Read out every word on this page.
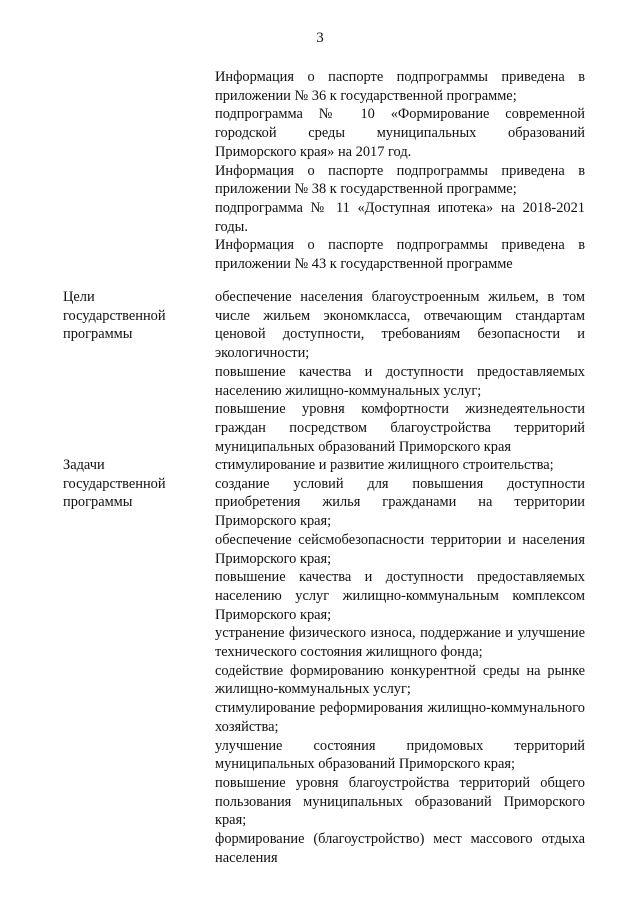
3

Информация о паспорте подпрограммы приведена в приложении № 36 к государственной программе;

подпрограмма № 10 «Формирование современной городской среды муниципальных образований Приморского края» на 2017 год.

Информация о паспорте подпрограммы приведена в приложении № 38 к государственной программе;

подпрограмма № 11 «Доступная ипотека» на 2018-2021 годы.

Информация о паспорте подпрограммы приведена в приложении № 43 к государственной программе

Цели государственной программы

обеспечение населения благоустроенным жильем, в том числе жильем экономкласса, отвечающим стандартам ценовой доступности, требованиям безопасности и экологичности;

повышение качества и доступности предоставляемых населению жилищно-коммунальных услуг;

повышение уровня комфортности жизнедеятельности граждан посредством благоустройства территорий муниципальных образований Приморского края

Задачи государственной программы

стимулирование и развитие жилищного строительства;

создание условий для повышения доступности приобретения жилья гражданами на территории Приморского края;

обеспечение сейсмобезопасности территории и населения Приморского края;

повышение качества и доступности предоставляемых населению услуг жилищно-коммунальным комплексом Приморского края;

устранение физического износа, поддержание и улучшение технического состояния жилищного фонда;

содействие формированию конкурентной среды на рынке жилищно-коммунальных услуг;

стимулирование реформирования жилищно-коммунального хозяйства;

улучшение состояния придомовых территорий муниципальных образований Приморского края;

повышение уровня благоустройства территорий общего пользования муниципальных образований Приморского края;

формирование (благоустройство) мест массового отдыха населения
